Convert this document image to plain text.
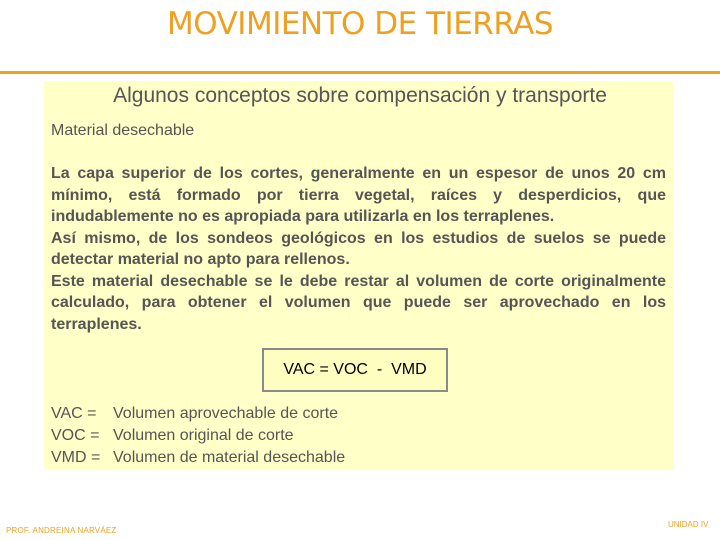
MOVIMIENTO DE TIERRAS
Algunos conceptos sobre compensación y transporte
Material desechable

La capa superior de los cortes, generalmente en un espesor de unos 20 cm mínimo, está formado por tierra vegetal, raíces y desperdicios, que indudablemente no es apropiada para utilizarla en los terraplenes.

Así mismo, de los sondeos geológicos en los estudios de suelos se puede detectar material no apto para rellenos.

Este material desechable se le debe restar al volumen de corte originalmente calculado, para obtener el volumen que puede ser aprovechado en los terraplenes.

VAC = VOC  -  VMD
VAC =	Volumen aprovechable de corte
VOC = Volumen original de corte
VMD = Volumen de material desechable
PROF. ANDREINA NARVÁEZ
UNIDAD IV
